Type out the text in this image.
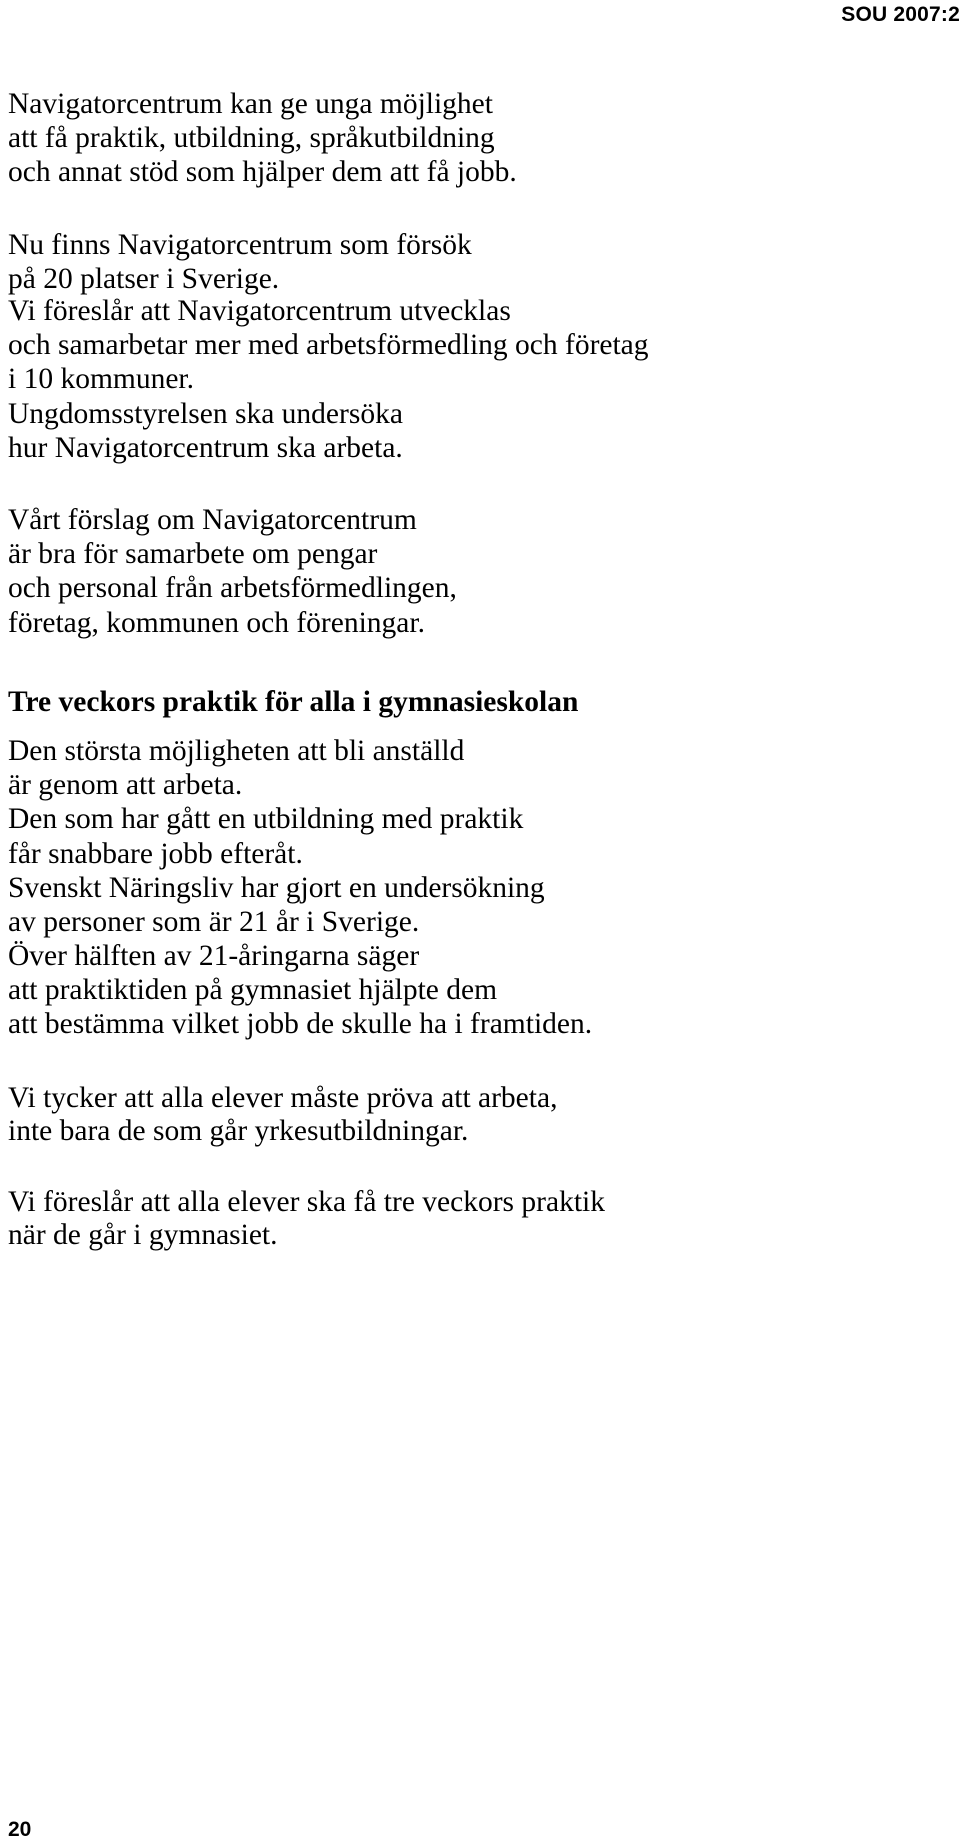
SOU 2007:2
Navigatorcentrum kan ge unga möjlighet
att få praktik, utbildning, språkutbildning
och annat stöd som hjälper dem att få jobb.
Nu finns Navigatorcentrum som försök
på 20 platser i Sverige.
Vi föreslår att Navigatorcentrum utvecklas
och samarbetar mer med arbetsförmedling och företag
i 10 kommuner.
Ungdomsstyrelsen ska undersöka
hur Navigatorcentrum ska arbeta.
Vårt förslag om Navigatorcentrum
är bra för samarbete om pengar
och personal från arbetsförmedlingen,
företag, kommunen och föreningar.
Tre veckors praktik för alla i gymnasieskolan
Den största möjligheten att bli anställd
är genom att arbeta.
Den som har gått en utbildning med praktik
får snabbare jobb efteråt.
Svenskt Näringsliv har gjort en undersökning
av personer som är 21 år i Sverige.
Över hälften av 21-åringarna säger
att praktiktiden på gymnasiet hjälpte dem
att bestämma vilket jobb de skulle ha i framtiden.
Vi tycker att alla elever måste pröva att arbeta,
inte bara de som går yrkesutbildningar.
Vi föreslår att alla elever ska få tre veckors praktik
när de går i gymnasiet.
20
